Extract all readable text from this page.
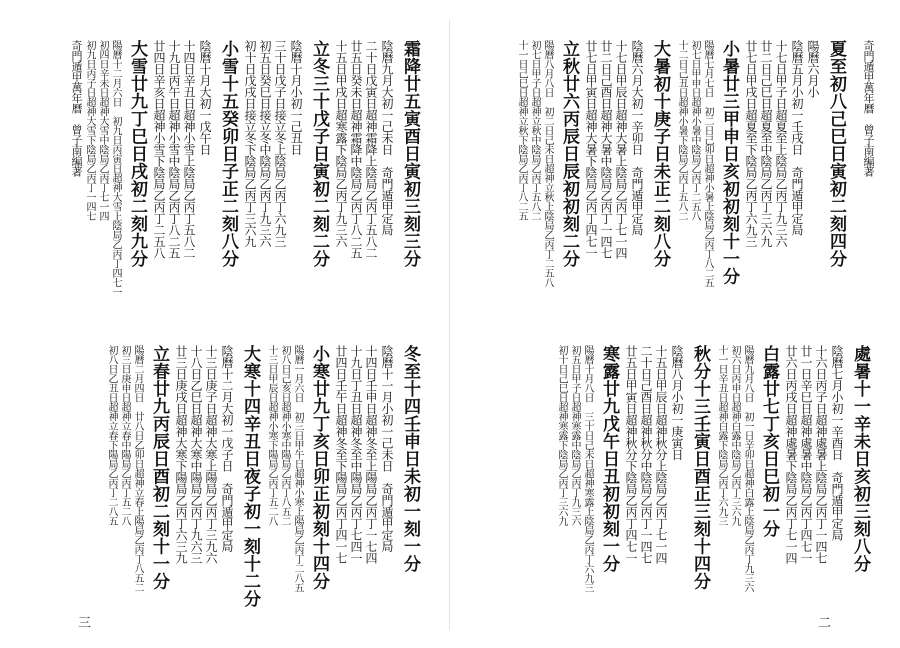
霜降廿五寅酉日寅初三刻三分
陰曆九月大初一己未日　奇門遁甲定局
二十日戊寅日超神霜降上陰局乙丙丁五八二
廿五日癸未日超神霜降中陰局乙丙丁八二五
十五日甲戌日超寒露下陰局乙丙丁九三六
立冬三十戊子日寅初二刻二分
陰曆十月小初一己丑日
三十日戊子日接立冬上陰局乙丙丁六九三
初五日癸巳日接立冬中陰局乙丙丁九三六
初十日戊戌日接立冬下陰局乙丙丁三六九
小雪十五癸卯日子正二刻八分
陰曆十月大初一戊午日
十四日辛丑日超神小雪上陰局乙丙丁五八二
十九日丙午日超神小雪中陰局乙丙丁八二五
廿四日辛亥日超神小雪下陰局乙丙丁二五八
大雪廿九丁巳日戌初二刻九分
陽曆十二月六日　初九日丙寅日超神大雪上陰局乙丙丁四七一
初四日辛未日超神大雪中陰局乙丙丁七一四
初九日丙子日超神大雪下陰局乙丙丁一四七
奇門遁甲萬年曆　曾子南編著
冬至十四壬申日未初一刻一分
陰曆十一月小初一己未日　奇門遁甲定局
十四日壬申日超神冬至上陽局乙丙丁一七四
十九日丁丑日超神冬至中陽局乙丙丁七四一
廿四日壬午日超神冬至下陽局乙丙丁四一七
小寒廿九丁亥日卯正初刻十四分
陽曆一月六日　初三日甲午日超神小寒上陽局乙丙丁二八五
初八日己亥日超神小寒中陽局乙丙丁八五二
十三日甲辰日超神小寒下陽局乙丙丁五二八
大寒十四辛丑日夜子初一刻十二分
陰曆十二月大初一戊子日　奇門遁甲定局
十三日庚子日超神大寒上陽局乙丙丁三九六
十八日乙巳日超神大寒中陽局乙丙丁九六三
廿三日庚戌日超神大寒下陽局乙丙丁六三九
立春廿九丙辰日酉初二刻十一分
陽曆二月四日　廿八日乙卯日超神立春上陽局乙丙丁八五二
初三日庚申日超神立春中陽局乙丙丁五二八
初八日乙丑日超神立春下陽局乙丙丁二八五
三
奇門遁甲萬年曆　曾子南編著
夏至初八己巳日寅初二刻四分
陽曆六月小
陰曆五月小初一壬戌日　奇門遁甲定局
十七日甲子日超夏至上陰局乙丙丁九三六
廿二日己巳日超夏至中陰局乙丙丁三六九
廿七日甲戌日超夏至下陰局乙丙丁六九三
小暑廿三甲申日亥初初刻十一分
陽曆七月七日　初二日己卯日超神小暑上陰局乙丙丁八二五
初七日甲申日超神小暑中陰局乙丙丁二五八
十二日己丑日超神小暑下陰局乙丙丁五八二
大暑初十庚子日未正二刻八分
陰曆六月大初一辛卯日　奇門遁甲定局
十七日甲辰日超神大暑上陰局乙丙丁七一四
廿二日己酉日超神大暑中陰局乙丙丁一四七
廿七日甲寅日超神大暑下陰局乙丙丁四七一
立秋廿六丙辰日辰初初刻二分
陽曆八月八日　初二日己未日超神立秋上陰局乙丙丁二五八
初七日甲子日超神立秋中陰局乙丙丁五八二
十一日己巳日超神立秋下陰局乙丙丁八二五
處暑十一辛未日亥初三刻八分
陰曆七月小初一辛酉日　奇門遁甲定局
十六日丙子日超神處暑上陰局乙丙丁一四七
廿一日辛巳日超神處暑中陰局乙丙丁四七一
廿六日丙戌日超神處暑下陰局乙丙丁七一四
白露廿七丁亥日巳初一分
陽曆九月八日　初一日辛卯日超神白露上陰局乙丙丁九三六
初六日丙申日超神白露中陰局乙丙丁三六九
十一日辛丑日超神白露下陰局乙丙丁六九三
秋分十三壬寅日酉正三刻十四分
陰曆八月小初一庚寅日
十五日甲辰日超神秋分上陰局乙丙丁七一四
二十日己酉日超神秋分中陰局乙丙丁一四七
廿五日甲寅日超神秋分下陰局乙丙丁四七一
寒露廿九戊午日丑初初刻一分
陽曆十月八日　三十日己未日超神寒露上陰局乙丙丁六九三
初五日甲子日超神寒露中陰局乙丙丁九三六
初十日己巳日超神寒露下陰局乙丙丁三六九
二
